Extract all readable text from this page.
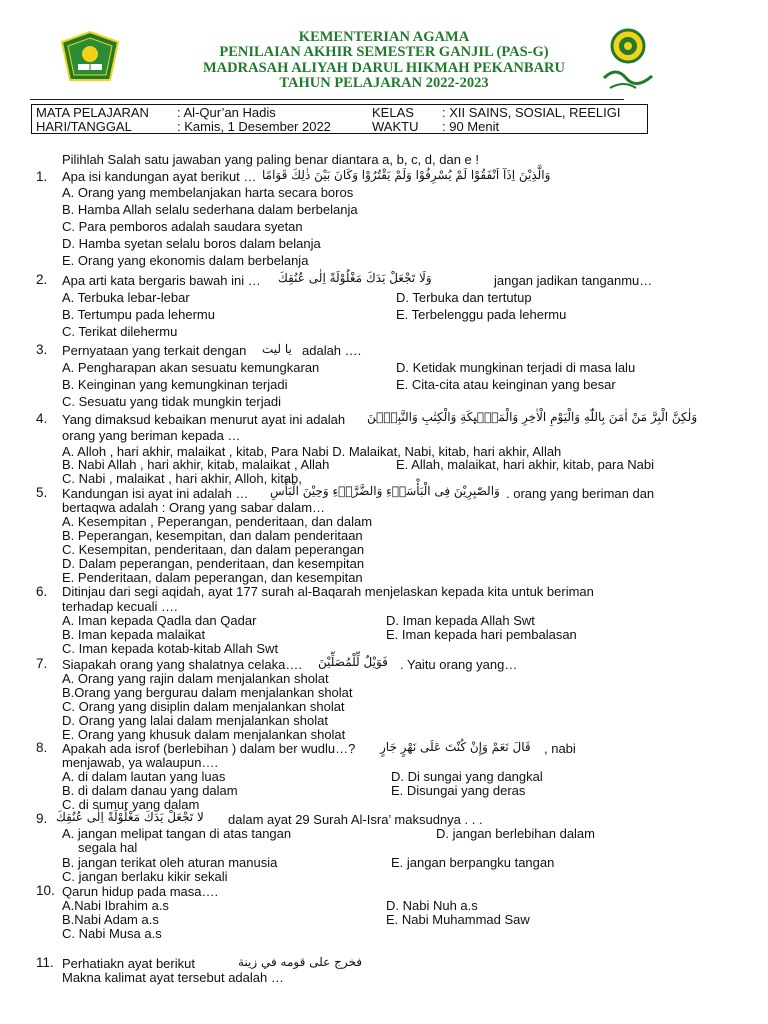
KEMENTERIAN AGAMA
PENILAIAN AKHIR SEMESTER GANJIL (PAS-G)
MADRASAH ALIYAH DARUL HIKMAH PEKANBARU
TAHUN PELAJARAN 2022-2023
MATA PELAJARAN : Al-Qur’an Hadis	KELAS : XII SAINS, SOSIAL, REELIGI
HARI/TANGGAL	: Kamis, 1 Desember 2022	WAKTU : 90 Menit
Pilihlah Salah satu jawaban yang paling benar diantara a, b, c, d, dan e !
1. Apa isi kandungan ayat berikut … وَالَّذِيْنَ اِذَآ اَنْفَقُوْا لَمْ يُسْرِفُوْا وَلَمْ يَقْتُرُوْا وَكَانَ بَيْنَ ذٰلِكَ قَوَامًا
A. Orang yang membelanjakan harta secara boros
B. Hamba Allah selalu sederhana dalam berbelanja
C. Para pemboros adalah saudara syetan
D. Hamba syetan selalu boros dalam belanja
E. Orang yang ekonomis dalam berbelanja
2. Apa arti kata bergaris bawah ini … وَلَا تَجْعَلْ يَدَكَ مَغْلُوْلَةً اِلٰى عُنُقِكَ	jangan jadikan tanganmu…
A. Terbuka lebar-lebar
B. Tertumpu pada lehermu
C. Terikat dilehermu
D. Terbuka dan tertutup
E. Terbelenggu pada lehermu
3. Pernyataan yang terkait dengan يا ليت adalah ….
A. Pengharapan akan sesuatu kemungkaran
B. Keinginan yang kemungkinan terjadi
C. Sesuatu yang tidak mungkin terjadi
D. Ketidak mungkinan terjadi di masa lalu
E. Cita-cita atau keinginan yang besar
4. Yang dimaksud kebaikan menurut ayat ini adalah وَلٰكِنَّ الْبِرَّ مَنْ اٰمَنَ بِاللّٰهِ وَالْيَوْمِ الْاٰخِرِ وَالْمَلٰۤىِٕكَةِ وَالْكِتٰبِ وَالنَّبِيّٖنَ
orang yang beriman kepada …
A. Alloh , hari akhir, malaikat , kitab, Para Nabi D. Malaikat, Nabi, kitab, hari akhir, Allah
B. Nabi Allah , hari akhir, kitab, malaikat , Allah
C. Nabi , malaikat , hari akhir, Alloh, kitab,
E. Allah, malaikat, hari akhir, kitab, para Nabi
5. Kandungan isi ayat ini adalah … وَالصّٰبِرِيْنَ فِى الْبَأْسَاۤءِ وَالضَّرَّاۤءِ وَحِيْنَ الْبَأْسِ . orang yang beriman dan
bertaqwa adalah : Orang yang sabar dalam…
A. Kesempitan , Peperangan, penderitaan, dan dalam
B. Peperangan, kesempitan, dan dalam penderitaan
C. Kesempitan, penderitaan, dan dalam peperangan
D. Dalam peperangan, penderitaan, dan kesempitan
E. Penderitaan, dalam peperangan, dan kesempitan
6. Ditinjau dari segi aqidah, ayat 177 surah al-Baqarah menjelaskan kepada kita untuk beriman
terhadap kecuali ….
A. Iman kepada Qadla dan Qadar
B. Iman kepada malaikat
C. Iman kepada kotab-kitab Allah Swt
D. Iman kepada Allah Swt
E. Iman kepada hari pembalasan
7. Siapakah orang yang shalatnya celaka…. فَوَيْلٌ لِّلْمُصَلِّيْنَ . Yaitu orang yang…
A. Orang yang rajin dalam menjalankan sholat
B.Orang yang bergurau dalam menjalankan sholat
C. Orang yang disiplin dalam menjalankan sholat
D. Orang yang lalai dalam menjalankan sholat
E. Orang yang khusuk dalam menjalankan sholat
8. Apakah ada isrof (berlebihan ) dalam ber wudlu…? قَالَ نَعَمْ وَإِنْ كُنْتَ عَلَى نَهْرٍ جَارٍ	, nabi
menjawab, ya walaupun….
A. di dalam lautan yang luas
B. di dalam danau yang dalam
C. di sumur yang dalam
D. Di sungai yang dangkal
E. Disungai yang deras
9. لا تَجْعَلْ يَدَكَ مَغْلُوْلَةً اِلٰى عُنُقِكَ	dalam ayat 29 Surah Al-Isra’ maksudnya . . .
A. jangan melipat tangan di atas tangan
segala hal
B. jangan terikat oleh aturan manusia
C. jangan berlaku kikir sekali
D. jangan berlebihan dalam
E. jangan berpangku tangan
10. Qarun hidup pada masa….
A.Nabi Ibrahim a.s
B.Nabi Adam a.s
C. Nabi Musa a.s
D. Nabi Nuh a.s
E. Nabi Muhammad Saw
11. Perhatiakn ayat berikut	فخرج على قومه في زينة
Makna kalimat ayat tersebut adalah …
